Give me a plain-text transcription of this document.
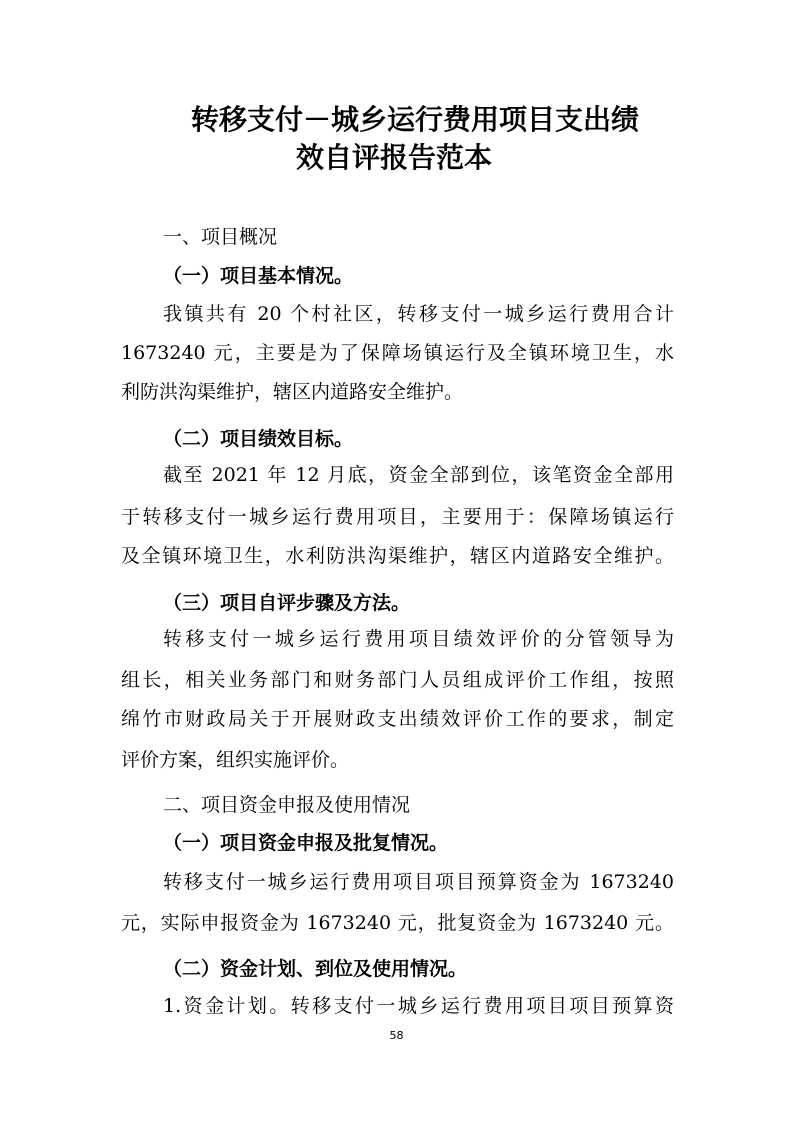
转移支付－城乡运行费用项目支出绩
效自评报告范本
一、项目概况
（一）项目基本情况。

我镇共有 20 个村社区，转移支付一城乡运行费用合计

1673240 元，主要是为了保障场镇运行及全镇环境卫生，水

利防洪沟渠维护，辖区内道路安全维护。

（二）项目绩效目标。

截至 2021 年 12 月底，资金全部到位，该笔资金全部用

于转移支付一城乡运行费用项目，主要用于：保障场镇运行

及全镇环境卫生，水利防洪沟渠维护，辖区内道路安全维护。

（三）项目自评步骤及方法。

转移支付一城乡运行费用项目绩效评价的分管领导为

组长，相关业务部门和财务部门人员组成评价工作组，按照

绵竹市财政局关于开展财政支出绩效评价工作的要求，制定

评价方案，组织实施评价。

二、项目资金申报及使用情况
（一）项目资金申报及批复情况。

转移支付一城乡运行费用项目项目预算资金为 1673240

元，实际申报资金为 1673240 元，批复资金为 1673240 元。

（二）资金计划、到位及使用情况。

1.资金计划。转移支付一城乡运行费用项目项目预算资

58
